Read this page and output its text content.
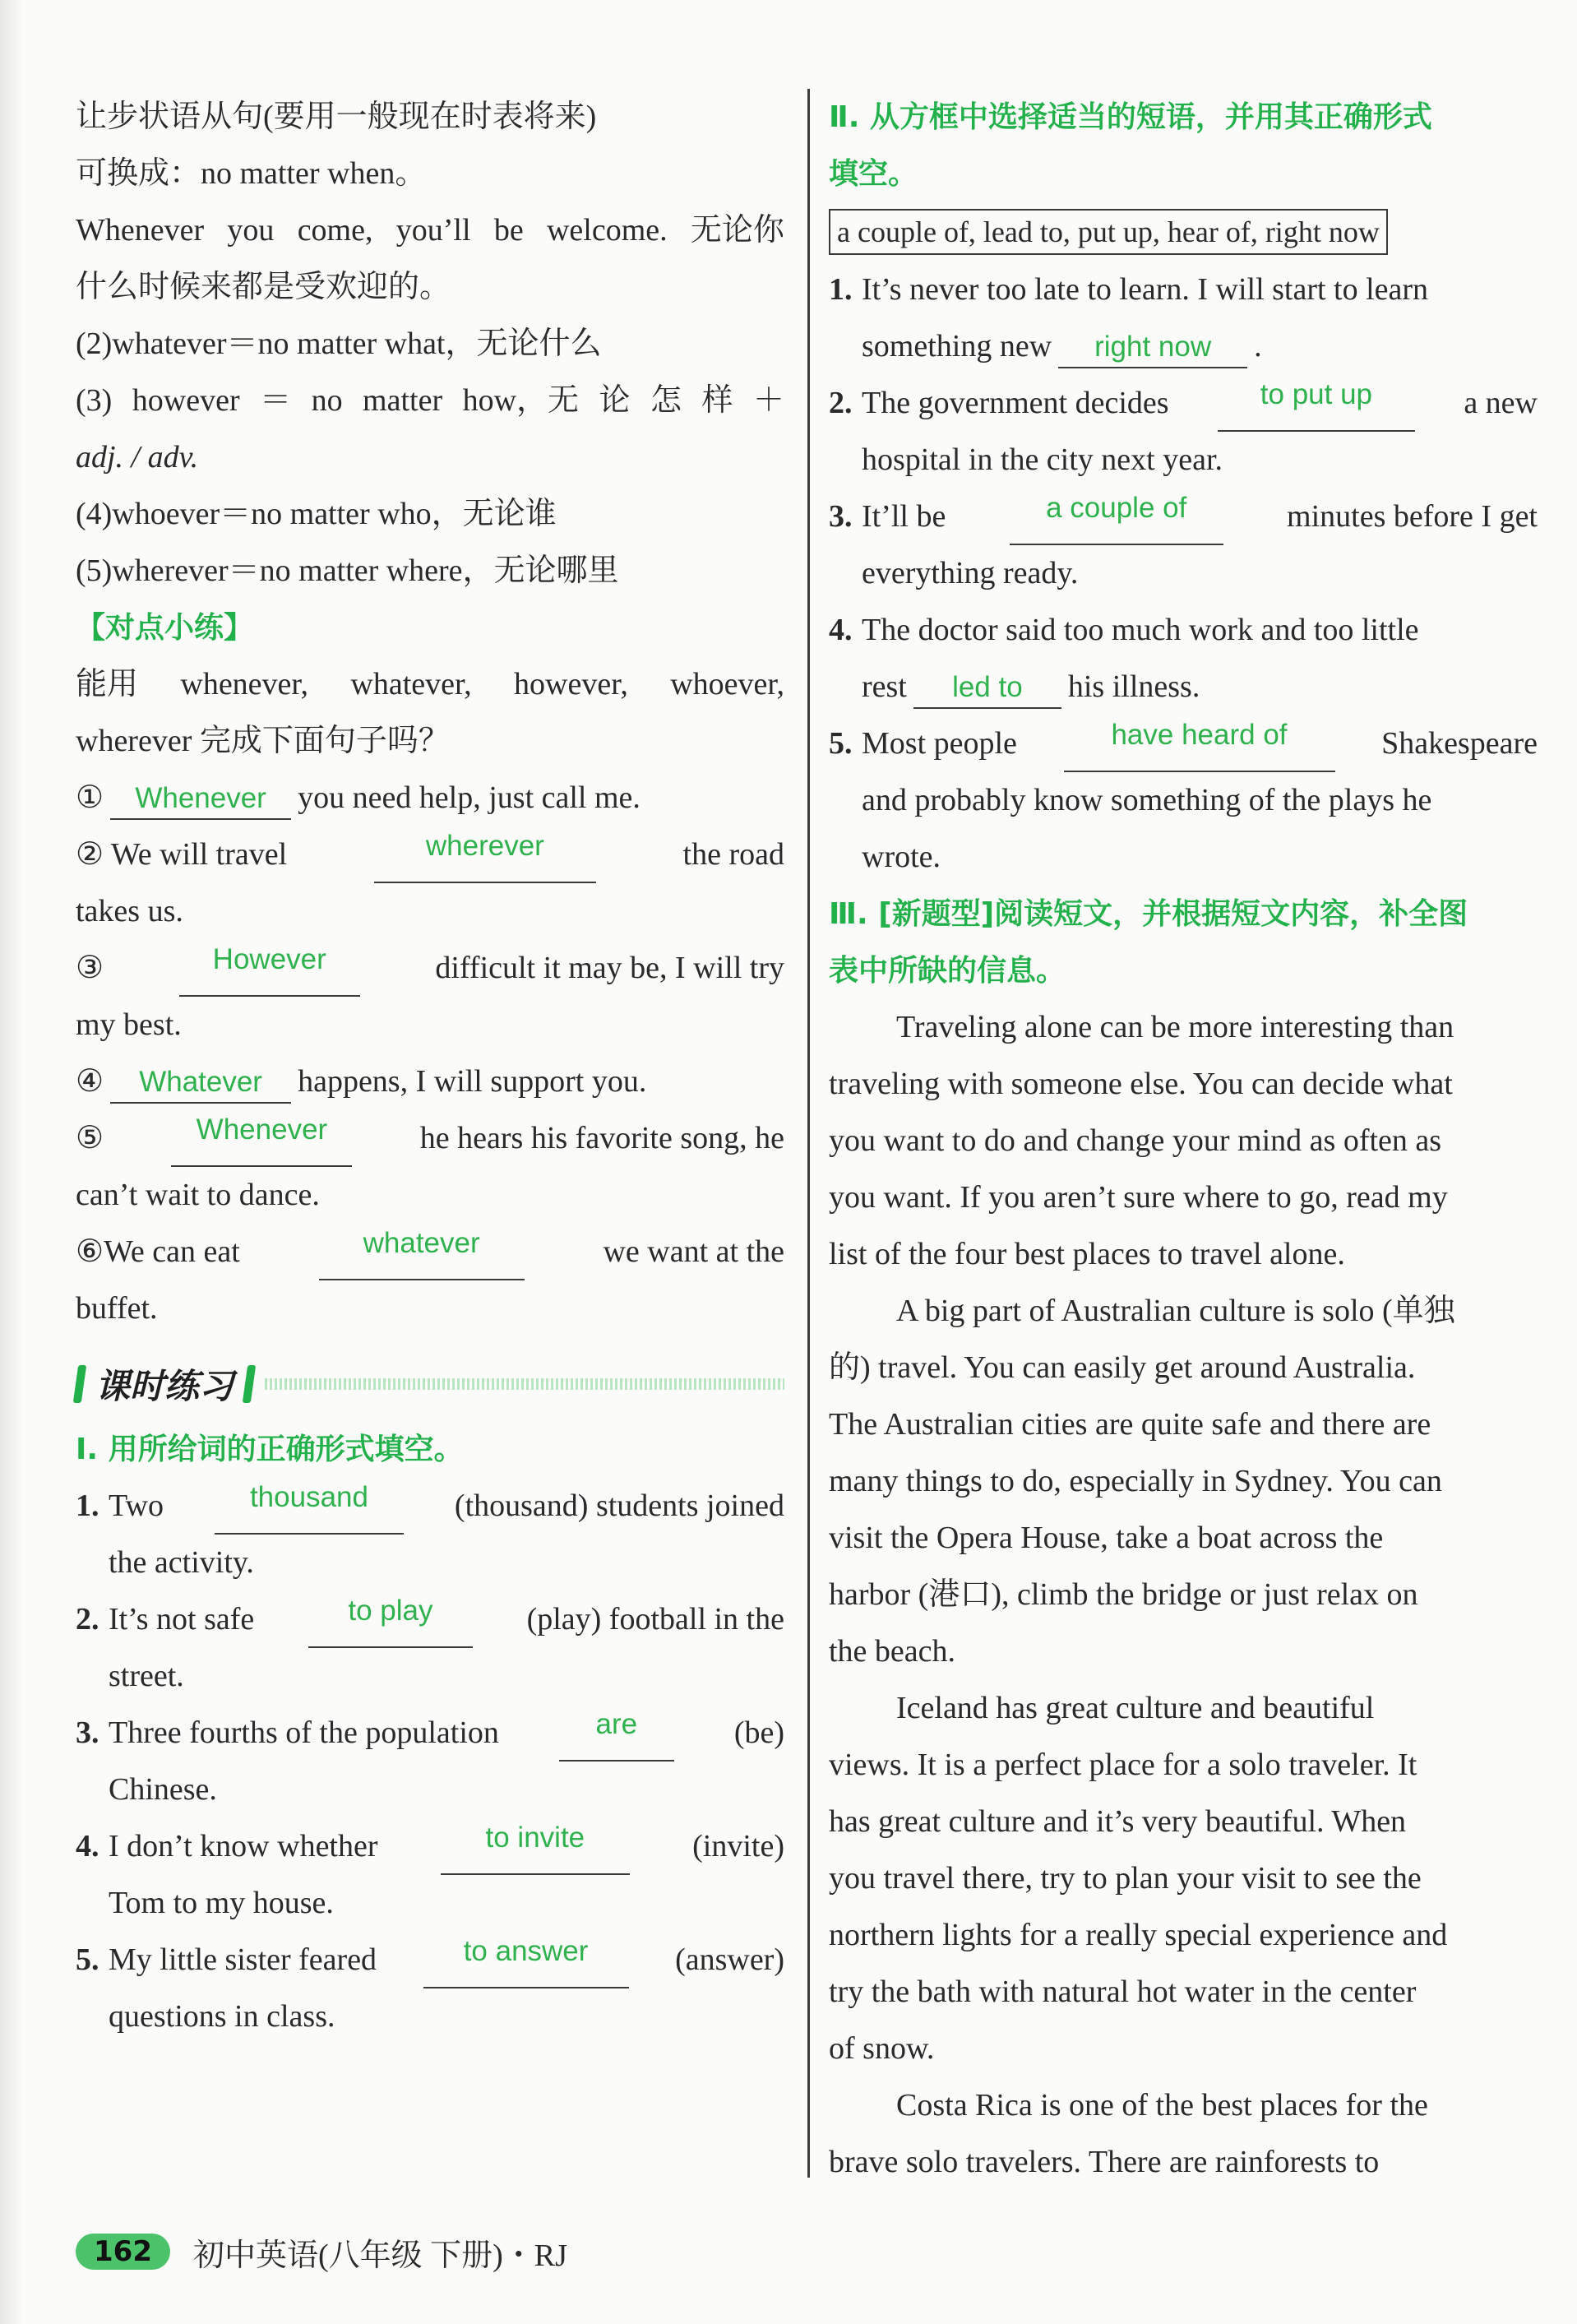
让步状语从句(要用一般现在时表将来)
可换成：no matter when。
Whenever you come, you’ll be welcome. 无论你
什么时候来都是受欢迎的。
(2)whatever＝no matter what，无论什么
(3) however ＝ no matter how，无 论 怎 样 ＋
adj. / adv.
(4)whoever＝no matter who，无论谁
(5)wherever＝no matter where，无论哪里
【对点小练】
能用 whenever, whatever, however, whoever,
wherever 完成下面句子吗？
① Whenever you need help, just call me.
② We will travel	wherever	the road
takes us.
③	However	difficult it may be, I will try
my best.
④ Whatever happens, I will support you.
⑤	Whenever	he hears his favorite song, he
can’t wait to dance.
⑥We can eat	whatever	we want at the
buffet.
课时练习
Ⅰ. 用所给词的正确形式填空。
1. Two	thousand	(thousand) students joined
the activity.
2. It’s not safe	to play	(play) football in the
street.
3. Three fourths of the population	are	(be)
Chinese.
4. I don’t know whether	to invite	(invite)
Tom to my house.
5. My little sister feared	to answer	(answer)
questions in class.
Ⅱ. 从方框中选择适当的短语，并用其正确形式
填空。
a couple of, lead to, put up, hear of, right now
1. It’s never too late to learn. I will start to learn
something new right now .
2. The government decides	to put up	a new
hospital in the city next year.
3. It’ll be	a couple of	minutes before I get
everything ready.
4. The doctor said too much work and too little
rest led to his illness.
5. Most people	have heard of	Shakespeare
and probably know something of the plays he
wrote.
Ⅲ. [新题型]阅读短文，并根据短文内容，补全图
表中所缺的信息。
Traveling alone can be more interesting than
traveling with someone else. You can decide what
you want to do and change your mind as often as
you want. If you aren’t sure where to go, read my
list of the four best places to travel alone.
A big part of Australian culture is solo (单独
的) travel. You can easily get around Australia.
The Australian cities are quite safe and there are
many things to do, especially in Sydney. You can
visit the Opera House, take a boat across the
harbor (港口), climb the bridge or just relax on
the beach.
Iceland has great culture and beautiful
views. It is a perfect place for a solo traveler. It
has great culture and it’s very beautiful. When
you travel there, try to plan your visit to see the
northern lights for a really special experience and
try the bath with natural hot water in the center
of snow.
Costa Rica is one of the best places for the
brave solo travelers. There are rainforests to
162	初中英语(八年级 下册)・RJ
